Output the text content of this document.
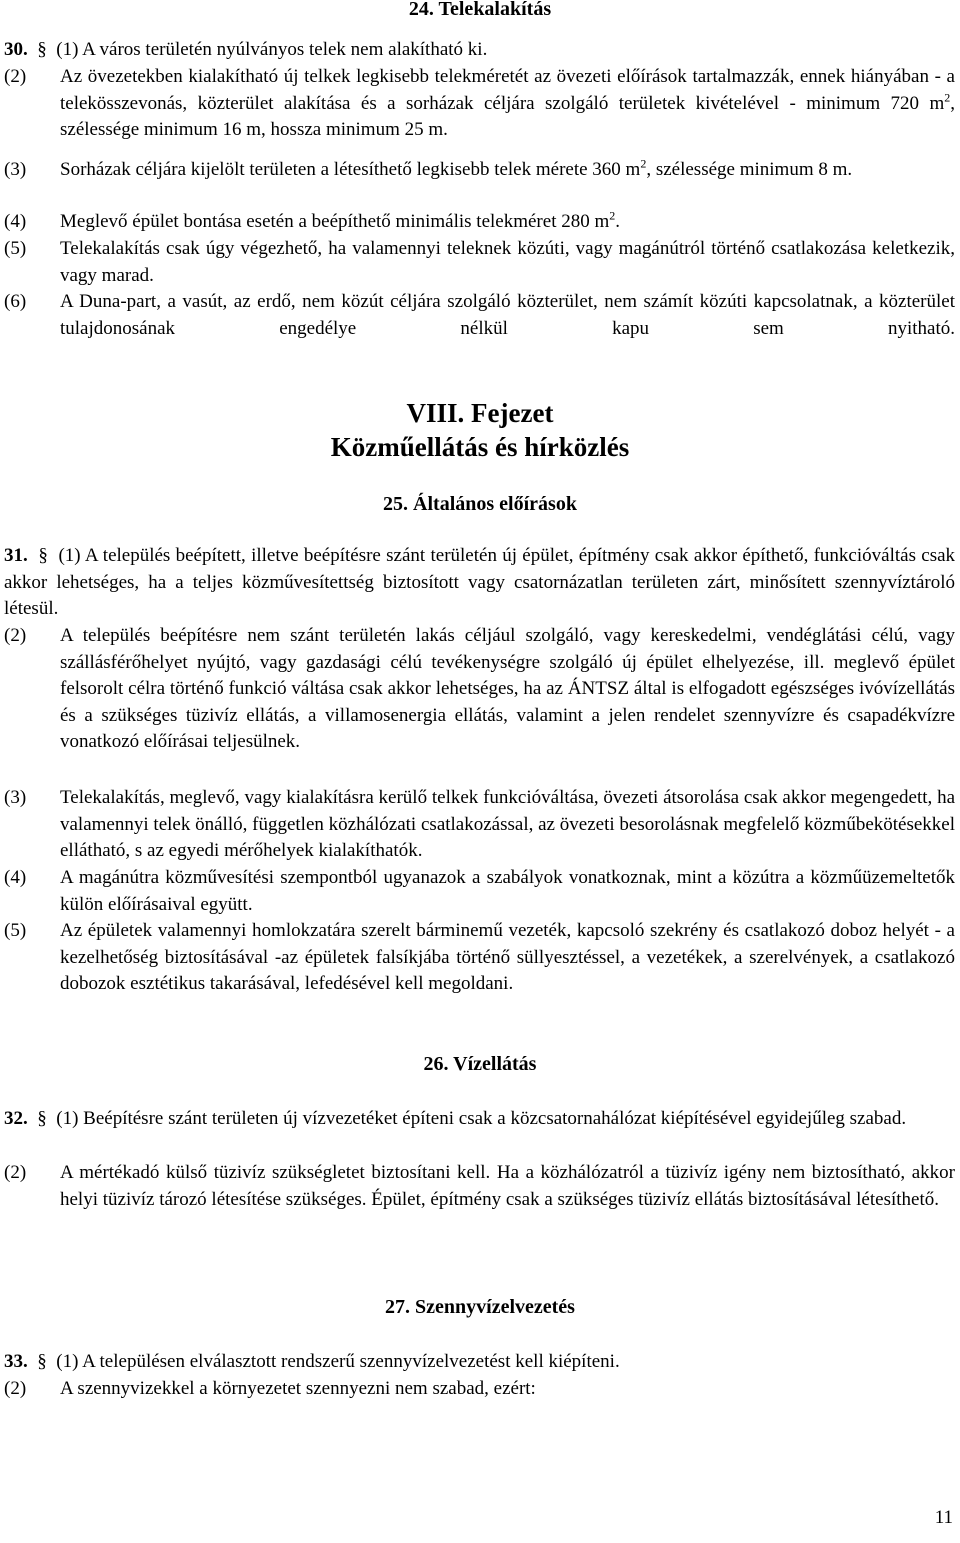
24. Telekalakítás
30. § (1) A város területén nyúlványos telek nem alakítható ki.
(2)	Az övezetekben kialakítható új telkek legkisebb telekméretét az övezeti előírások tartalmazzák, ennek hiányában - a telekösszevonás, közterület alakítása és a sorházak céljára szolgáló területek kivételével - minimum 720 $m^2$, szélessége minimum 16 m, hossza minimum 25 m.
(3)	Sorházak céljára kijelölt területen a létesíthető legkisebb telek mérete 360 $m^2$, szélessége minimum 8 m.
(4)	Meglevő épület bontása esetén a beépíthető minimális telekméret 280 $m^2$.
(5)	Telekalakítás csak úgy végezhető, ha valamennyi teleknek közúti, vagy magánútról történő csatlakozása keletkezik, vagy marad.
(6)	A Duna-part, a vasút, az erdő, nem közút céljára szolgáló közterület, nem számít közúti kapcsolatnak, a közterület tulajdonosának engedélye nélkül kapu sem nyitható.
VIII. Fejezet
Közműellátás és hírközlés
25. Általános előírások
31. § (1) A település beépített, illetve beépítésre szánt területén új épület, építmény csak akkor építhető, funkcióváltás csak akkor lehetséges, ha a teljes közművesítettség biztosított vagy csatornázatlan területen zárt, minősített szennyvíztároló létesül.
(2)	A település beépítésre nem szánt területén lakás céljául szolgáló, vagy kereskedelmi, vendéglátási célú, vagy szállásférőhelyet nyújtó, vagy gazdasági célú tevékenységre szolgáló új épület elhelyezése, ill. meglevő épület felsorolt célra történő funkció váltása csak akkor lehetséges, ha az ÁNTSZ által is elfogadott egészséges ivóvízellátás és a szükséges tüzivíz ellátás, a villamosenergia ellátás, valamint a jelen rendelet szennyvízre és csapadékvízre vonatkozó előírásai teljesülnek.
(3)	Telekalakítás, meglevő, vagy kialakításra kerülő telkek funkcióváltása, övezeti átsorolása csak akkor megengedett, ha valamennyi telek önálló, független közhálózati csatlakozással, az övezeti besorolásnak megfelelő közműbekötésekkel ellátható, s az egyedi mérőhelyek kialakíthatók.
(4)	A magánútra közművesítési szempontból ugyanazok a szabályok vonatkoznak, mint a közútra a közműüzemeltetők külön előírásaival együtt.
(5)	Az épületek valamennyi homlokzatára szerelt bárminemű vezeték, kapcsoló szekrény és csatlakozó doboz helyét - a kezelhetőség biztosításával -az épületek falsíkjába történő süllyesztéssel, a vezetékek, a szerelvények, a csatlakozó dobozok esztétikus takarásával, lefedésével kell megoldani.
26. Vízellátás
32. § (1) Beépítésre szánt területen új vízvezetéket építeni csak a közcsatornahálózat kiépítésével egyidejűleg szabad.
(2)	A mértékadó külső tüzivíz szükségletet biztosítani kell. Ha a közhálózatról a tüzivíz igény nem biztosítható, akkor helyi tüzivíz tározó létesítése szükséges. Épület, építmény csak a szükséges tüzivíz ellátás biztosításával létesíthető.
27. Szennyvízelvezetés
33. § (1) A településen elválasztott rendszerű szennyvízelvezetést kell kiépíteni.
(2)	A szennyvizekkel a környezetet szennyezni nem szabad, ezért:
11
